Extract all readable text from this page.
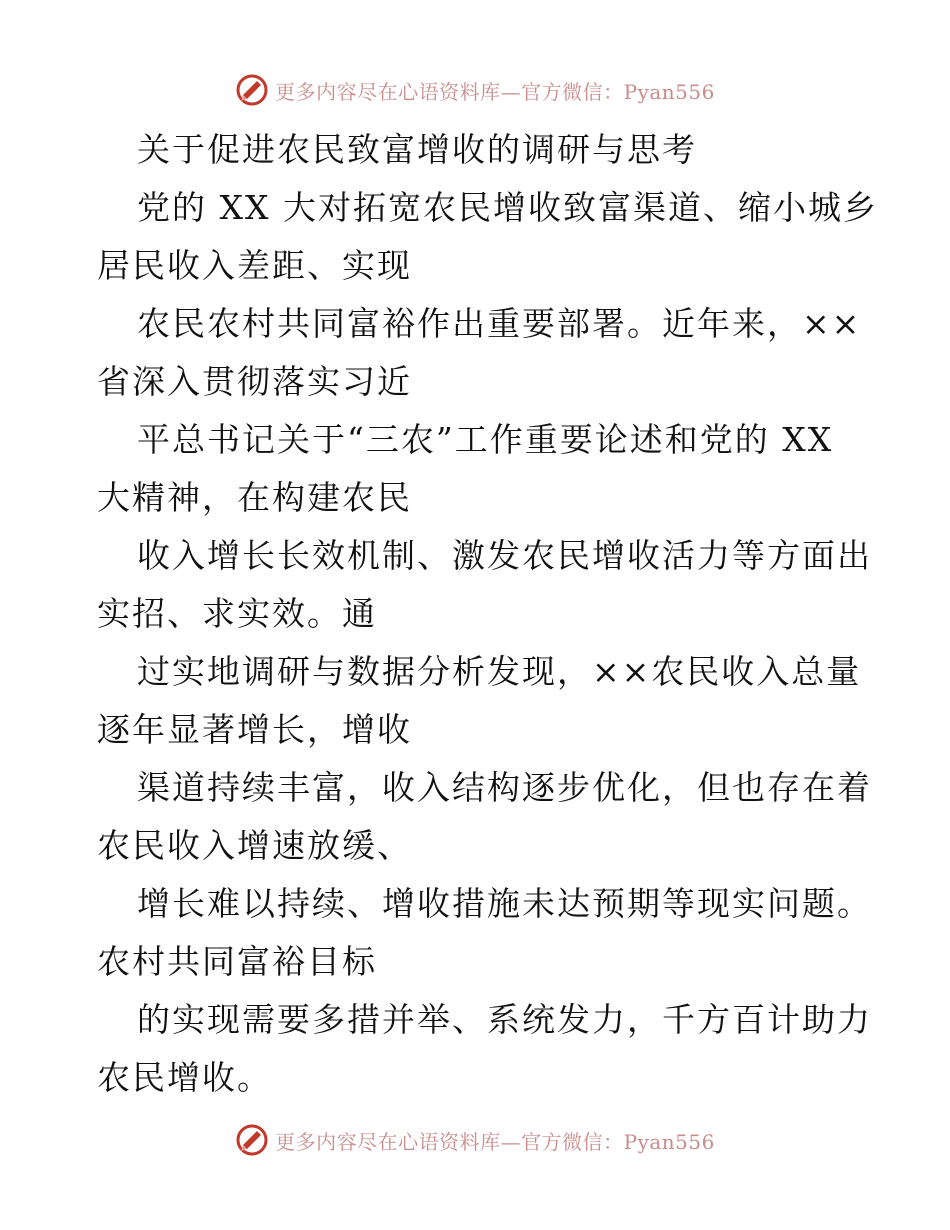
更多内容尽在心语资料库—官方微信：Pyan556

关于促进农民致富增收的调研与思考

党的 XX 大对拓宽农民增收致富渠道、缩小城乡
居民收入差距、实现

农民农村共同富裕作出重要部署。近年来，××
省深入贯彻落实习近

平总书记关于“三农”工作重要论述和党的 XX
大精神，在构建农民

收入增长长效机制、激发农民增收活力等方面出
实招、求实效。通

过实地调研与数据分析发现，××农民收入总量
逐年显著增长，增收

渠道持续丰富，收入结构逐步优化，但也存在着
农民收入增速放缓、

增长难以持续、增收措施未达预期等现实问题。
农村共同富裕目标

的实现需要多措并举、系统发力，千方百计助力
农民增收。

更多内容尽在心语资料库—官方微信：Pyan556
